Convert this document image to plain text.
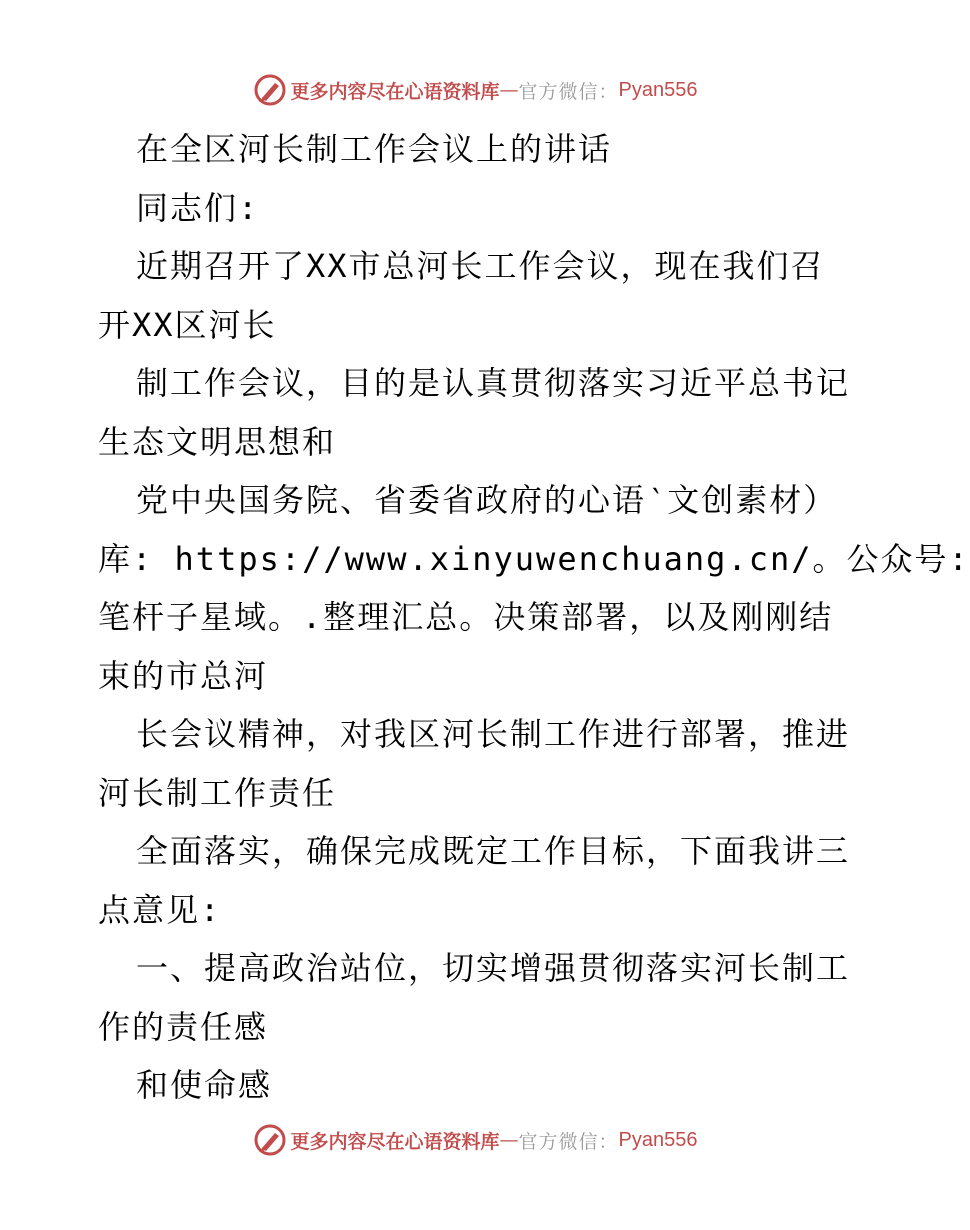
更多内容尽在心语资料库 — 官方微信： Pyan556
在全区河长制工作会议上的讲话
同志们:
近期召开了XX市总河长工作会议，现在我们召
开XX区河长
制工作会议，目的是认真贯彻落实习近平总书记
生态文明思想和
党中央国务院、省委省政府的心语‵文创素材）
库: https://www.xinyuwenchuang.cn/。公众号:
笔杆子星域。.整理汇总。决策部署，以及刚刚结
束的市总河
长会议精神，对我区河长制工作进行部署，推进
河长制工作责任
全面落实，确保完成既定工作目标，下面我讲三
点意见:
一、提高政治站位，切实增强贯彻落实河长制工
作的责任感
和使命感
更多内容尽在心语资料库 — 官方微信： Pyan556
